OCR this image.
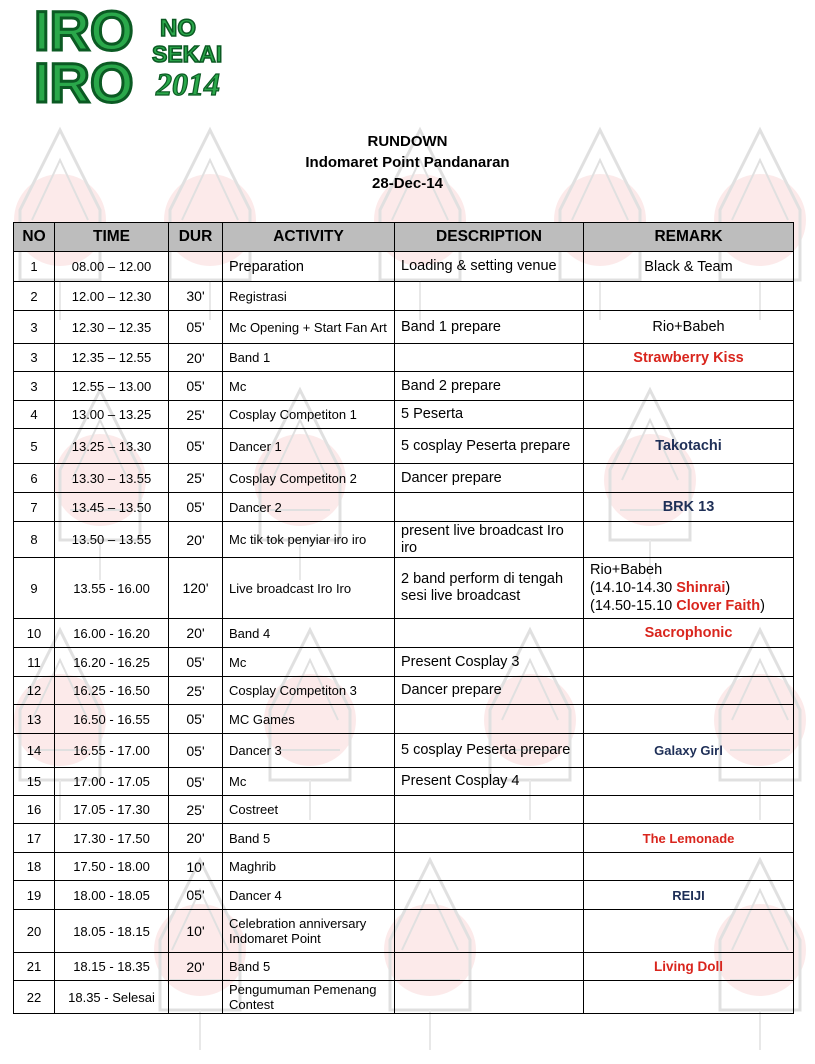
IRO
IRO
NO
SEKAI
2014
RUNDOWN
Indomaret Point Pandanaran
28-Dec-14
NO	TIME	DUR	ACTIVITY	DESCRIPTION	REMARK
1	08.00 – 12.00		Preparation	Loading & setting venue	Black & Team
2	12.00 – 12.30	30'	Registrasi		
3	12.30 – 12.35	05'	Mc Opening + Start Fan Art	Band 1 prepare	Rio+Babeh
3	12.35 – 12.55	20'	Band 1		Strawberry Kiss
3	12.55 – 13.00	05'	Mc	Band 2 prepare	
4	13.00 – 13.25	25'	Cosplay Competiton 1	5 Peserta	
5	13.25 – 13.30	05'	Dancer 1	5 cosplay Peserta prepare	Takotachi
6	13.30 – 13.55	25'	Cosplay Competiton 2	Dancer prepare	
7	13.45 – 13.50	05'	Dancer 2		BRK 13
8	13.50 – 13.55	20'	Mc tik tok penyiar iro iro	present live broadcast Iro iro	
9	13.55 - 16.00	120'	Live broadcast Iro Iro	2 band perform di tengah sesi live broadcast	Rio+Babeh
(14.10-14.30 Shinrai)
(14.50-15.10 Clover Faith)

10	16.00 - 16.20	20'	Band 4		Sacrophonic
11	16.20 - 16.25	05'	Mc	Present Cosplay 3	
12	16.25 - 16.50	25'	Cosplay Competiton 3	Dancer prepare	
13	16.50 - 16.55	05'	MC Games		
14	16.55 - 17.00	05'	Dancer 3	5 cosplay Peserta prepare	Galaxy Girl
15	17.00 - 17.05	05'	Mc	Present Cosplay 4	
16	17.05 - 17.30	25'	Costreet		
17	17.30 - 17.50	20'	Band 5		The Lemonade
18	17.50 - 18.00	10'	Maghrib		
19	18.00 - 18.05	05'	Dancer 4		REIJI
20	18.05 - 18.15	10'	Celebration anniversary Indomaret Point		
21	18.15 - 18.35	20'	Band 5		Living Doll
22	18.35 - Selesai		Pengumuman Pemenang Contest		
